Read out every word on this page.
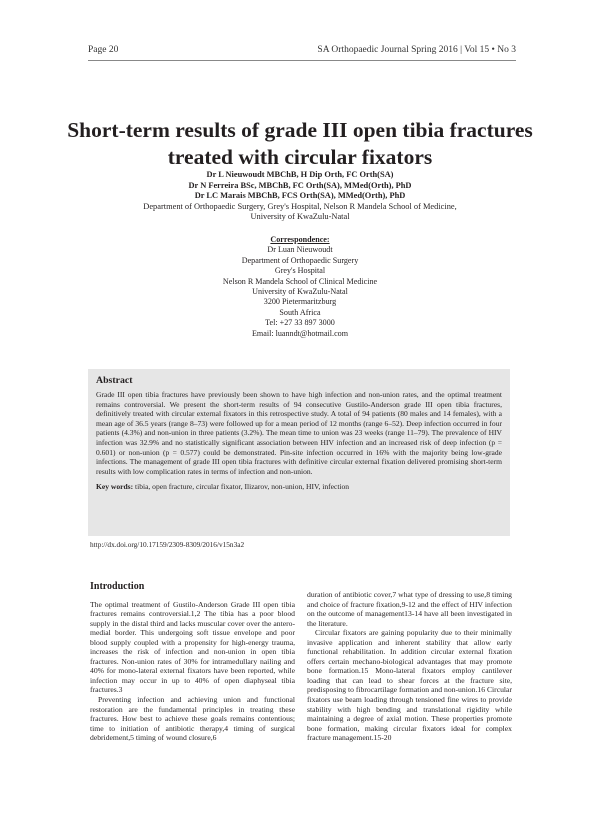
Page 20	SA Orthopaedic Journal Spring 2016 | Vol 15 • No 3
Short-term results of grade III open tibia fractures treated with circular fixators
Dr L Nieuwoudt MBChB, H Dip Orth, FC Orth(SA)
Dr N Ferreira BSc, MBChB, FC Orth(SA), MMed(Orth), PhD
Dr LC Marais MBChB, FCS Orth(SA), MMed(Orth), PhD
Department of Orthopaedic Surgery, Grey's Hospital, Nelson R Mandela School of Medicine,
University of KwaZulu-Natal
Correspondence:
Dr Luan Nieuwoudt
Department of Orthopaedic Surgery
Grey's Hospital
Nelson R Mandela School of Clinical Medicine
University of KwaZulu-Natal
3200 Pietermaritzburg
South Africa
Tel: +27 33 897 3000
Email: luanndt@hotmail.com
Abstract

Grade III open tibia fractures have previously been shown to have high infection and non-union rates, and the optimal treatment remains controversial. We present the short-term results of 94 consecutive Gustilo-Anderson grade III open tibia fractures, definitively treated with circular external fixators in this retrospective study. A total of 94 patients (80 males and 14 females), with a mean age of 36.5 years (range 8–73) were followed up for a mean period of 12 months (range 6–52). Deep infection occurred in four patients (4.3%) and non-union in three patients (3.2%). The mean time to union was 23 weeks (range 11–79). The prevalence of HIV infection was 32.9% and no statistically significant association between HIV infection and an increased risk of deep infection (p = 0.601) or non-union (p = 0.577) could be demonstrated. Pin-site infection occurred in 16% with the majority being low-grade infections. The management of grade III open tibia fractures with definitive circular external fixation delivered promising short-term results with low complication rates in terms of infection and non-union.

Key words: tibia, open fracture, circular fixator, Ilizarov, non-union, HIV, infection
http://dx.doi.org/10.17159/2309-8309/2016/v15n3a2
Introduction

The optimal treatment of Gustilo-Anderson Grade III open tibia fractures remains controversial.1,2 The tibia has a poor blood supply in the distal third and lacks muscular cover over the antero-medial border. This undergoing soft tissue envelope and poor blood supply coupled with a propensity for high-energy trauma, increases the risk of infection and non-union in open tibia fractures. Non-union rates of 30% for intramedullary nailing and 40% for mono-lateral external fixators have been reported, while infection may occur in up to 40% of open diaphyseal tibia fractures.3

Preventing infection and achieving union and functional restoration are the fundamental principles in treating these fractures. How best to achieve these goals remains contentious; time to initiation of antibiotic therapy,4 timing of surgical debridement,5 timing of wound closure,6

duration of antibiotic cover,7 what type of dressing to use,8 timing and choice of fracture fixation,9-12 and the effect of HIV infection on the outcome of management13-14 have all been investigated in the literature.

Circular fixators are gaining popularity due to their minimally invasive application and inherent stability that allow early functional rehabilitation. In addition circular external fixation offers certain mechano-biological advantages that may promote bone formation.15 Mono-lateral fixators employ cantilever loading that can lead to shear forces at the fracture site, predisposing to fibrocartilage formation and non-union.16 Circular fixators use beam loading through tensioned fine wires to provide stability with high bending and translational rigidity while maintaining a degree of axial motion. These properties promote bone formation, making circular fixators ideal for complex fracture management.15-20
